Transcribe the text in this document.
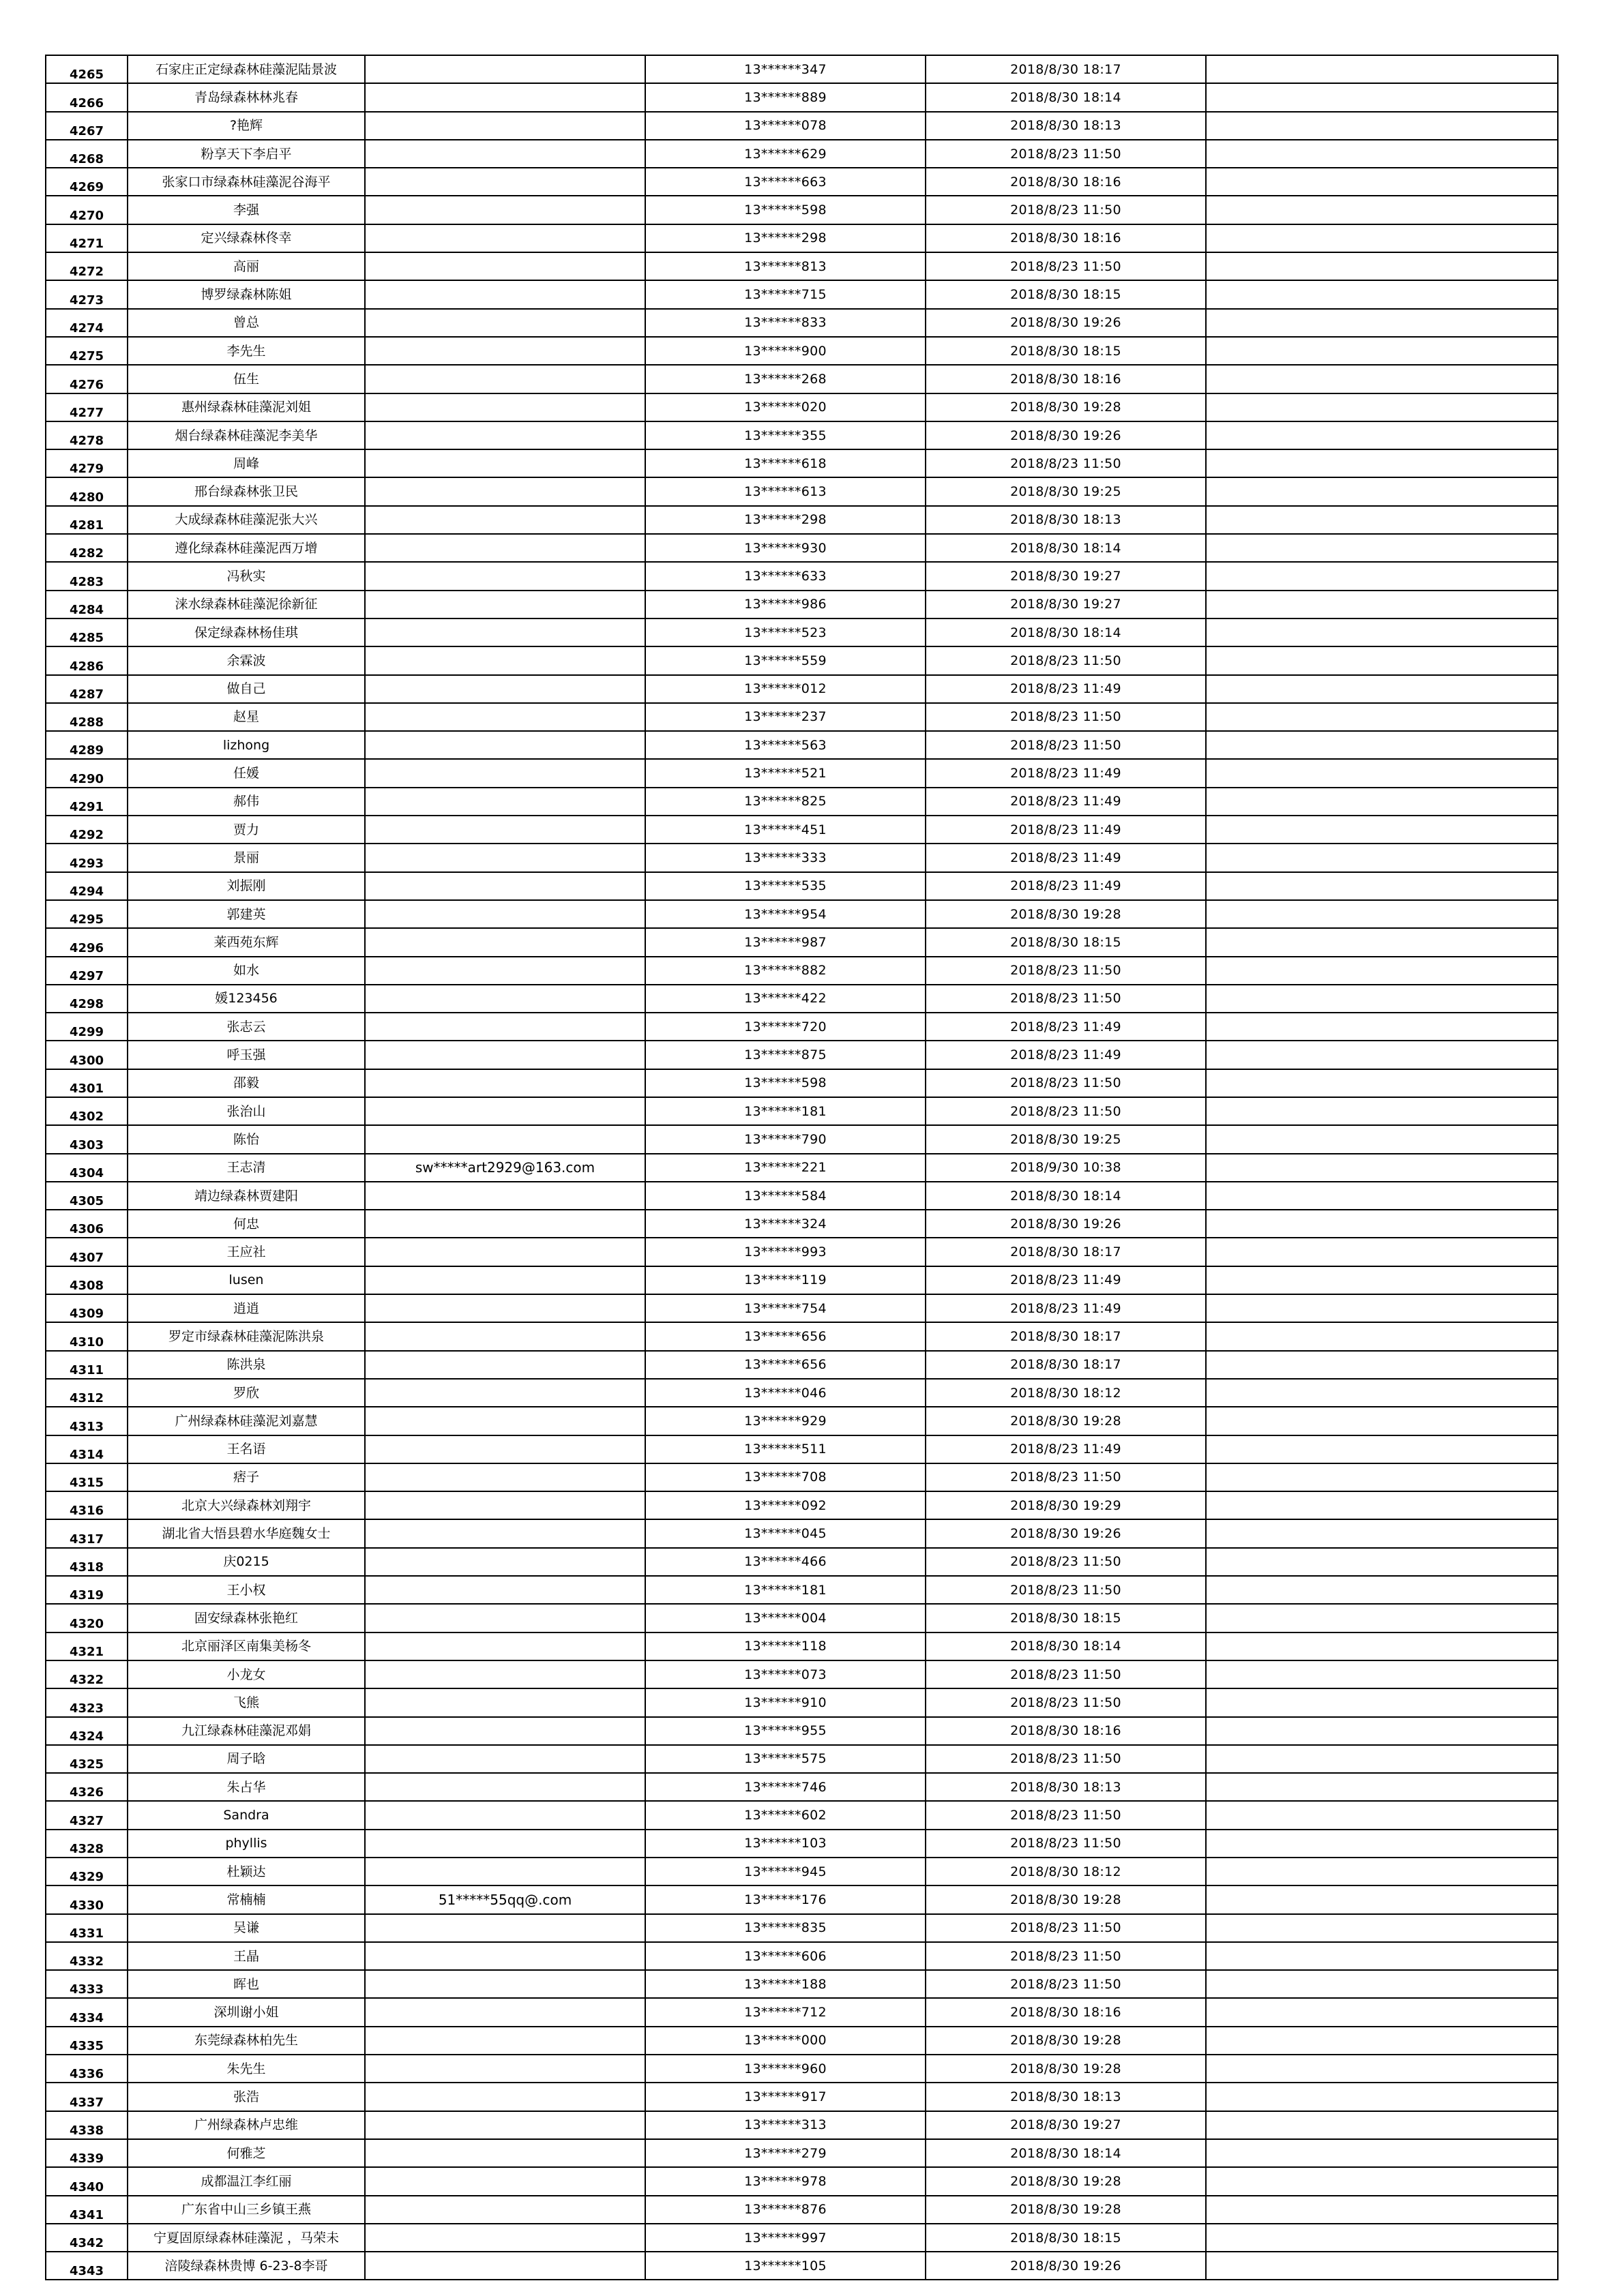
4265	石家庄正定绿森林硅藻泥陆景波		13******347	2018/8/30 18:17	
4266	青岛绿森林林兆春		13******889	2018/8/30 18:14	
4267	?艳辉		13******078	2018/8/30 18:13	
4268	粉享天下李启平		13******629	2018/8/23 11:50	
4269	张家口市绿森林硅藻泥谷海平		13******663	2018/8/30 18:16	
4270	李强		13******598	2018/8/23 11:50	
4271	定兴绿森林佟幸		13******298	2018/8/30 18:16	
4272	高丽		13******813	2018/8/23 11:50	
4273	博罗绿森林陈姐		13******715	2018/8/30 18:15	
4274	曾总		13******833	2018/8/30 19:26	
4275	李先生		13******900	2018/8/30 18:15	
4276	伍生		13******268	2018/8/30 18:16	
4277	惠州绿森林硅藻泥刘姐		13******020	2018/8/30 19:28	
4278	烟台绿森林硅藻泥李美华		13******355	2018/8/30 19:26	
4279	周峰		13******618	2018/8/23 11:50	
4280	邢台绿森林张卫民		13******613	2018/8/30 19:25	
4281	大成绿森林硅藻泥张大兴		13******298	2018/8/30 18:13	
4282	遵化绿森林硅藻泥西万增		13******930	2018/8/30 18:14	
4283	冯秋实		13******633	2018/8/30 19:27	
4284	涞水绿森林硅藻泥徐新征		13******986	2018/8/30 19:27	
4285	保定绿森林杨佳琪		13******523	2018/8/30 18:14	
4286	余霖波		13******559	2018/8/23 11:50	
4287	做自己		13******012	2018/8/23 11:49	
4288	赵星		13******237	2018/8/23 11:50	
4289	lizhong		13******563	2018/8/23 11:50	
4290	任媛		13******521	2018/8/23 11:49	
4291	郝伟		13******825	2018/8/23 11:49	
4292	贾力		13******451	2018/8/23 11:49	
4293	景丽		13******333	2018/8/23 11:49	
4294	刘振刚		13******535	2018/8/23 11:49	
4295	郭建英		13******954	2018/8/30 19:28	
4296	莱西苑东辉		13******987	2018/8/30 18:15	
4297	如水		13******882	2018/8/23 11:50	
4298	媛123456		13******422	2018/8/23 11:50	
4299	张志云		13******720	2018/8/23 11:49	
4300	呼玉强		13******875	2018/8/23 11:49	
4301	邵毅		13******598	2018/8/23 11:50	
4302	张治山		13******181	2018/8/23 11:50	
4303	陈怡		13******790	2018/8/30 19:25	
4304	王志清	sw*****art2929@163.com	13******221	2018/9/30 10:38	
4305	靖边绿森林贾建阳		13******584	2018/8/30 18:14	
4306	何忠		13******324	2018/8/30 19:26	
4307	王应社		13******993	2018/8/30 18:17	
4308	lusen		13******119	2018/8/23 11:49	
4309	逍逍		13******754	2018/8/23 11:49	
4310	罗定市绿森林硅藻泥陈洪泉		13******656	2018/8/30 18:17	
4311	陈洪泉		13******656	2018/8/30 18:17	
4312	罗欣		13******046	2018/8/30 18:12	
4313	广州绿森林硅藻泥刘嘉慧		13******929	2018/8/30 19:28	
4314	王名语		13******511	2018/8/23 11:49	
4315	痞子		13******708	2018/8/23 11:50	
4316	北京大兴绿森林刘翔宇		13******092	2018/8/30 19:29	
4317	湖北省大悟县碧水华庭魏女士		13******045	2018/8/30 19:26	
4318	庆0215		13******466	2018/8/23 11:50	
4319	王小权		13******181	2018/8/23 11:50	
4320	固安绿森林张艳红		13******004	2018/8/30 18:15	
4321	北京丽泽区南集美杨冬		13******118	2018/8/30 18:14	
4322	小龙女		13******073	2018/8/23 11:50	
4323	飞熊		13******910	2018/8/23 11:50	
4324	九江绿森林硅藻泥邓娟		13******955	2018/8/30 18:16	
4325	周子晗		13******575	2018/8/23 11:50	
4326	朱占华		13******746	2018/8/30 18:13	
4327	Sandra		13******602	2018/8/23 11:50	
4328	phyllis		13******103	2018/8/23 11:50	
4329	杜颖达		13******945	2018/8/30 18:12	
4330	常楠楠	51*****55qq@.com	13******176	2018/8/30 19:28	
4331	吴谦		13******835	2018/8/23 11:50	
4332	王晶		13******606	2018/8/23 11:50	
4333	晖也		13******188	2018/8/23 11:50	
4334	深圳谢小姐		13******712	2018/8/30 18:16	
4335	东莞绿森林柏先生		13******000	2018/8/30 19:28	
4336	朱先生		13******960	2018/8/30 19:28	
4337	张浩		13******917	2018/8/30 18:13	
4338	广州绿森林卢忠维		13******313	2018/8/30 19:27	
4339	何雅芝		13******279	2018/8/30 18:14	
4340	成都温江李红丽		13******978	2018/8/30 19:28	
4341	广东省中山三乡镇王燕		13******876	2018/8/30 19:28	
4342	宁夏固原绿森林硅藻泥 ，马荣未		13******997	2018/8/30 18:15	
4343	涪陵绿森林贵博 6-23-8李哥		13******105	2018/8/30 19:26	
